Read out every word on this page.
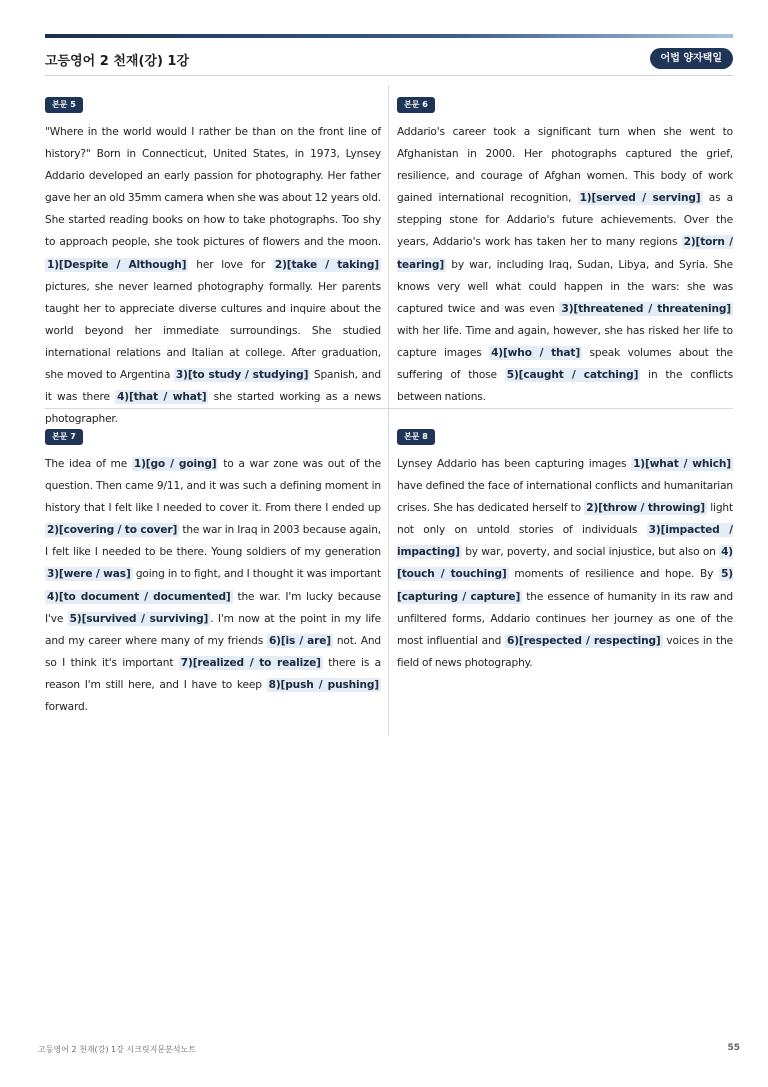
고등영어 2 천재(강) 1강	어법 양자택일
본문 5

"Where in the world would I rather be than on the front line of history?" Born in Connecticut, United States, in 1973, Lynsey Addario developed an early passion for photography. Her father gave her an old 35mm camera when she was about 12 years old. She started reading books on how to take photographs. Too shy to approach people, she took pictures of flowers and the moon. 1)[Despite / Although] her love for 2)[take / taking] pictures, she never learned photography formally. Her parents taught her to appreciate diverse cultures and inquire about the world beyond her immediate surroundings. She studied international relations and Italian at college. After graduation, she moved to Argentina 3)[to study / studying] Spanish, and it was there 4)[that / what] she started working as a news photographer.

본문 6

Addario's career took a significant turn when she went to Afghanistan in 2000. Her photographs captured the grief, resilience, and courage of Afghan women. This body of work gained international recognition, 1)[served / serving] as a stepping stone for Addario's future achievements. Over the years, Addario's work has taken her to many regions 2)[torn / tearing] by war, including Iraq, Sudan, Libya, and Syria. She knows very well what could happen in the wars: she was captured twice and was even 3)[threatened / threatening] with her life. Time and again, however, she has risked her life to capture images 4)[who / that] speak volumes about the suffering of those 5)[caught / catching] in the conflicts between nations.

본문 7

The idea of me 1)[go / going] to a war zone was out of the question. Then came 9/11, and it was such a defining moment in history that I felt like I needed to cover it. From there I ended up 2)[covering / to cover] the war in Iraq in 2003 because again, I felt like I needed to be there. Young soldiers of my generation 3)[were / was] going in to fight, and I thought it was important 4)[to document / documented] the war. I'm lucky because I've 5)[survived / surviving] . I'm now at the point in my life and my career where many of my friends 6)[is / are] not. And so I think it's important 7)[realized / to realize] there is a reason I'm still here, and I have to keep 8)[push / pushing] forward.

본문 8

Lynsey Addario has been capturing images 1)[what / which] have defined the face of international conflicts and humanitarian crises. She has dedicated herself to 2)[throw / throwing] light not only on untold stories of individuals 3)[impacted / impacting] by war, poverty, and social injustice, but also on 4)[touch / touching] moments of resilience and hope. By 5)[capturing / capture] the essence of humanity in its raw and unfiltered forms, Addario continues her journey as one of the most influential and 6)[respected / respecting] voices in the field of news photography.

고등영어 2 천재(강) 1강 시크릿지문분석노트	55
